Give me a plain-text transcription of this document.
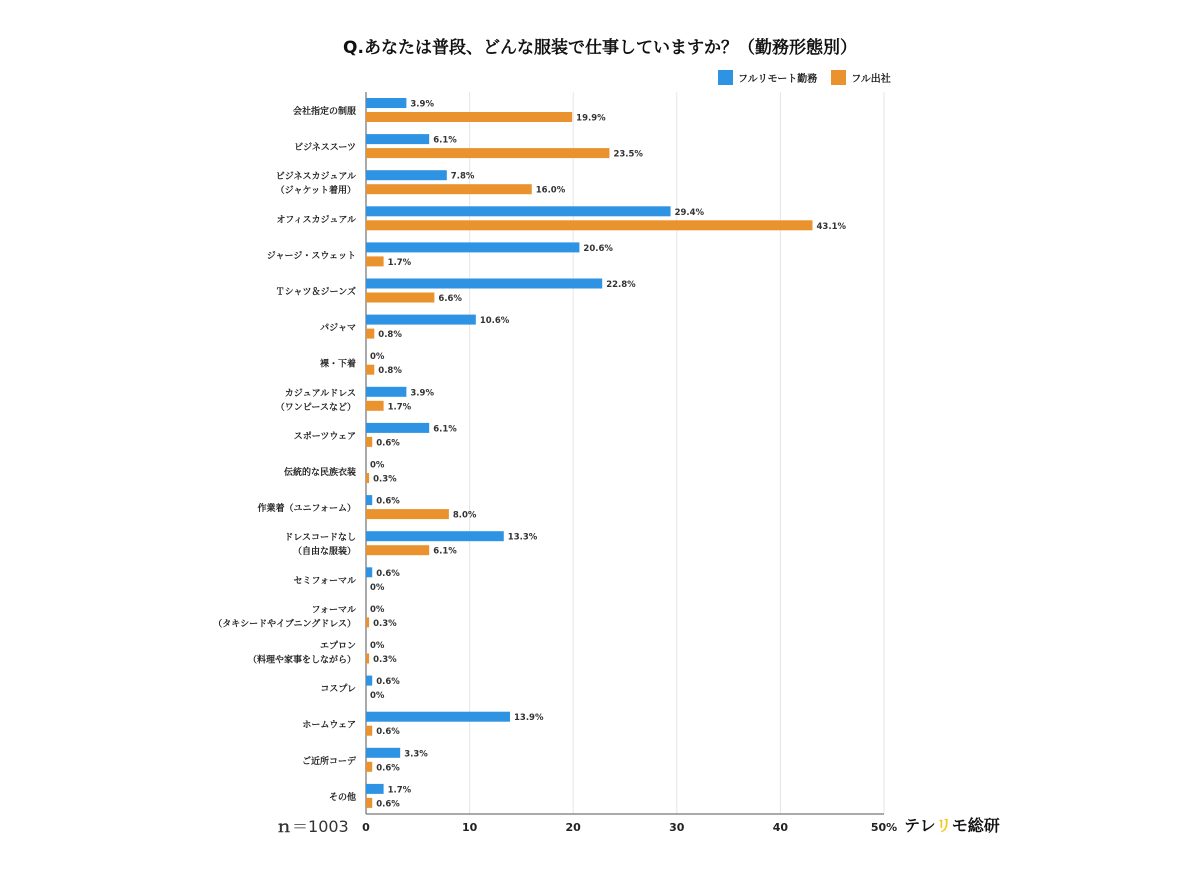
Q.あなたは普段、どんな服装で仕事していますか？（勤務形態別）
フルリモート勤務	フル出社
0	10	20	30	40	50%
会社指定の制服
3.9%
19.9%
ビジネススーツ
6.1%
23.5%
ビジネスカジュアル
（ジャケット着用）
7.8%
16.0%
オフィスカジュアル
29.4%
43.1%
ジャージ・スウェット
20.6%
1.7%
Ｔシャツ＆ジーンズ
22.8%
6.6%
パジャマ
10.6%
0.8%
裸・下着
0%
0.8%
カジュアルドレス
（ワンピースなど）
3.9%
1.7%
スポーツウェア
6.1%
0.6%
伝統的な民族衣装
0%
0.3%
作業着（ユニフォーム）
0.6%
8.0%
ドレスコードなし
（自由な服装）
13.3%
6.1%
セミフォーマル
0.6%
0%
フォーマル
（タキシードやイブニングドレス）
0%
0.3%
エプロン
（料理や家事をしながら）
0%
0.3%
コスプレ
0.6%
0%
ホームウェア
13.9%
0.6%
ご近所コーデ
3.3%
0.6%
その他
1.7%
0.6%
ｎ＝1003	テレリモ総研
